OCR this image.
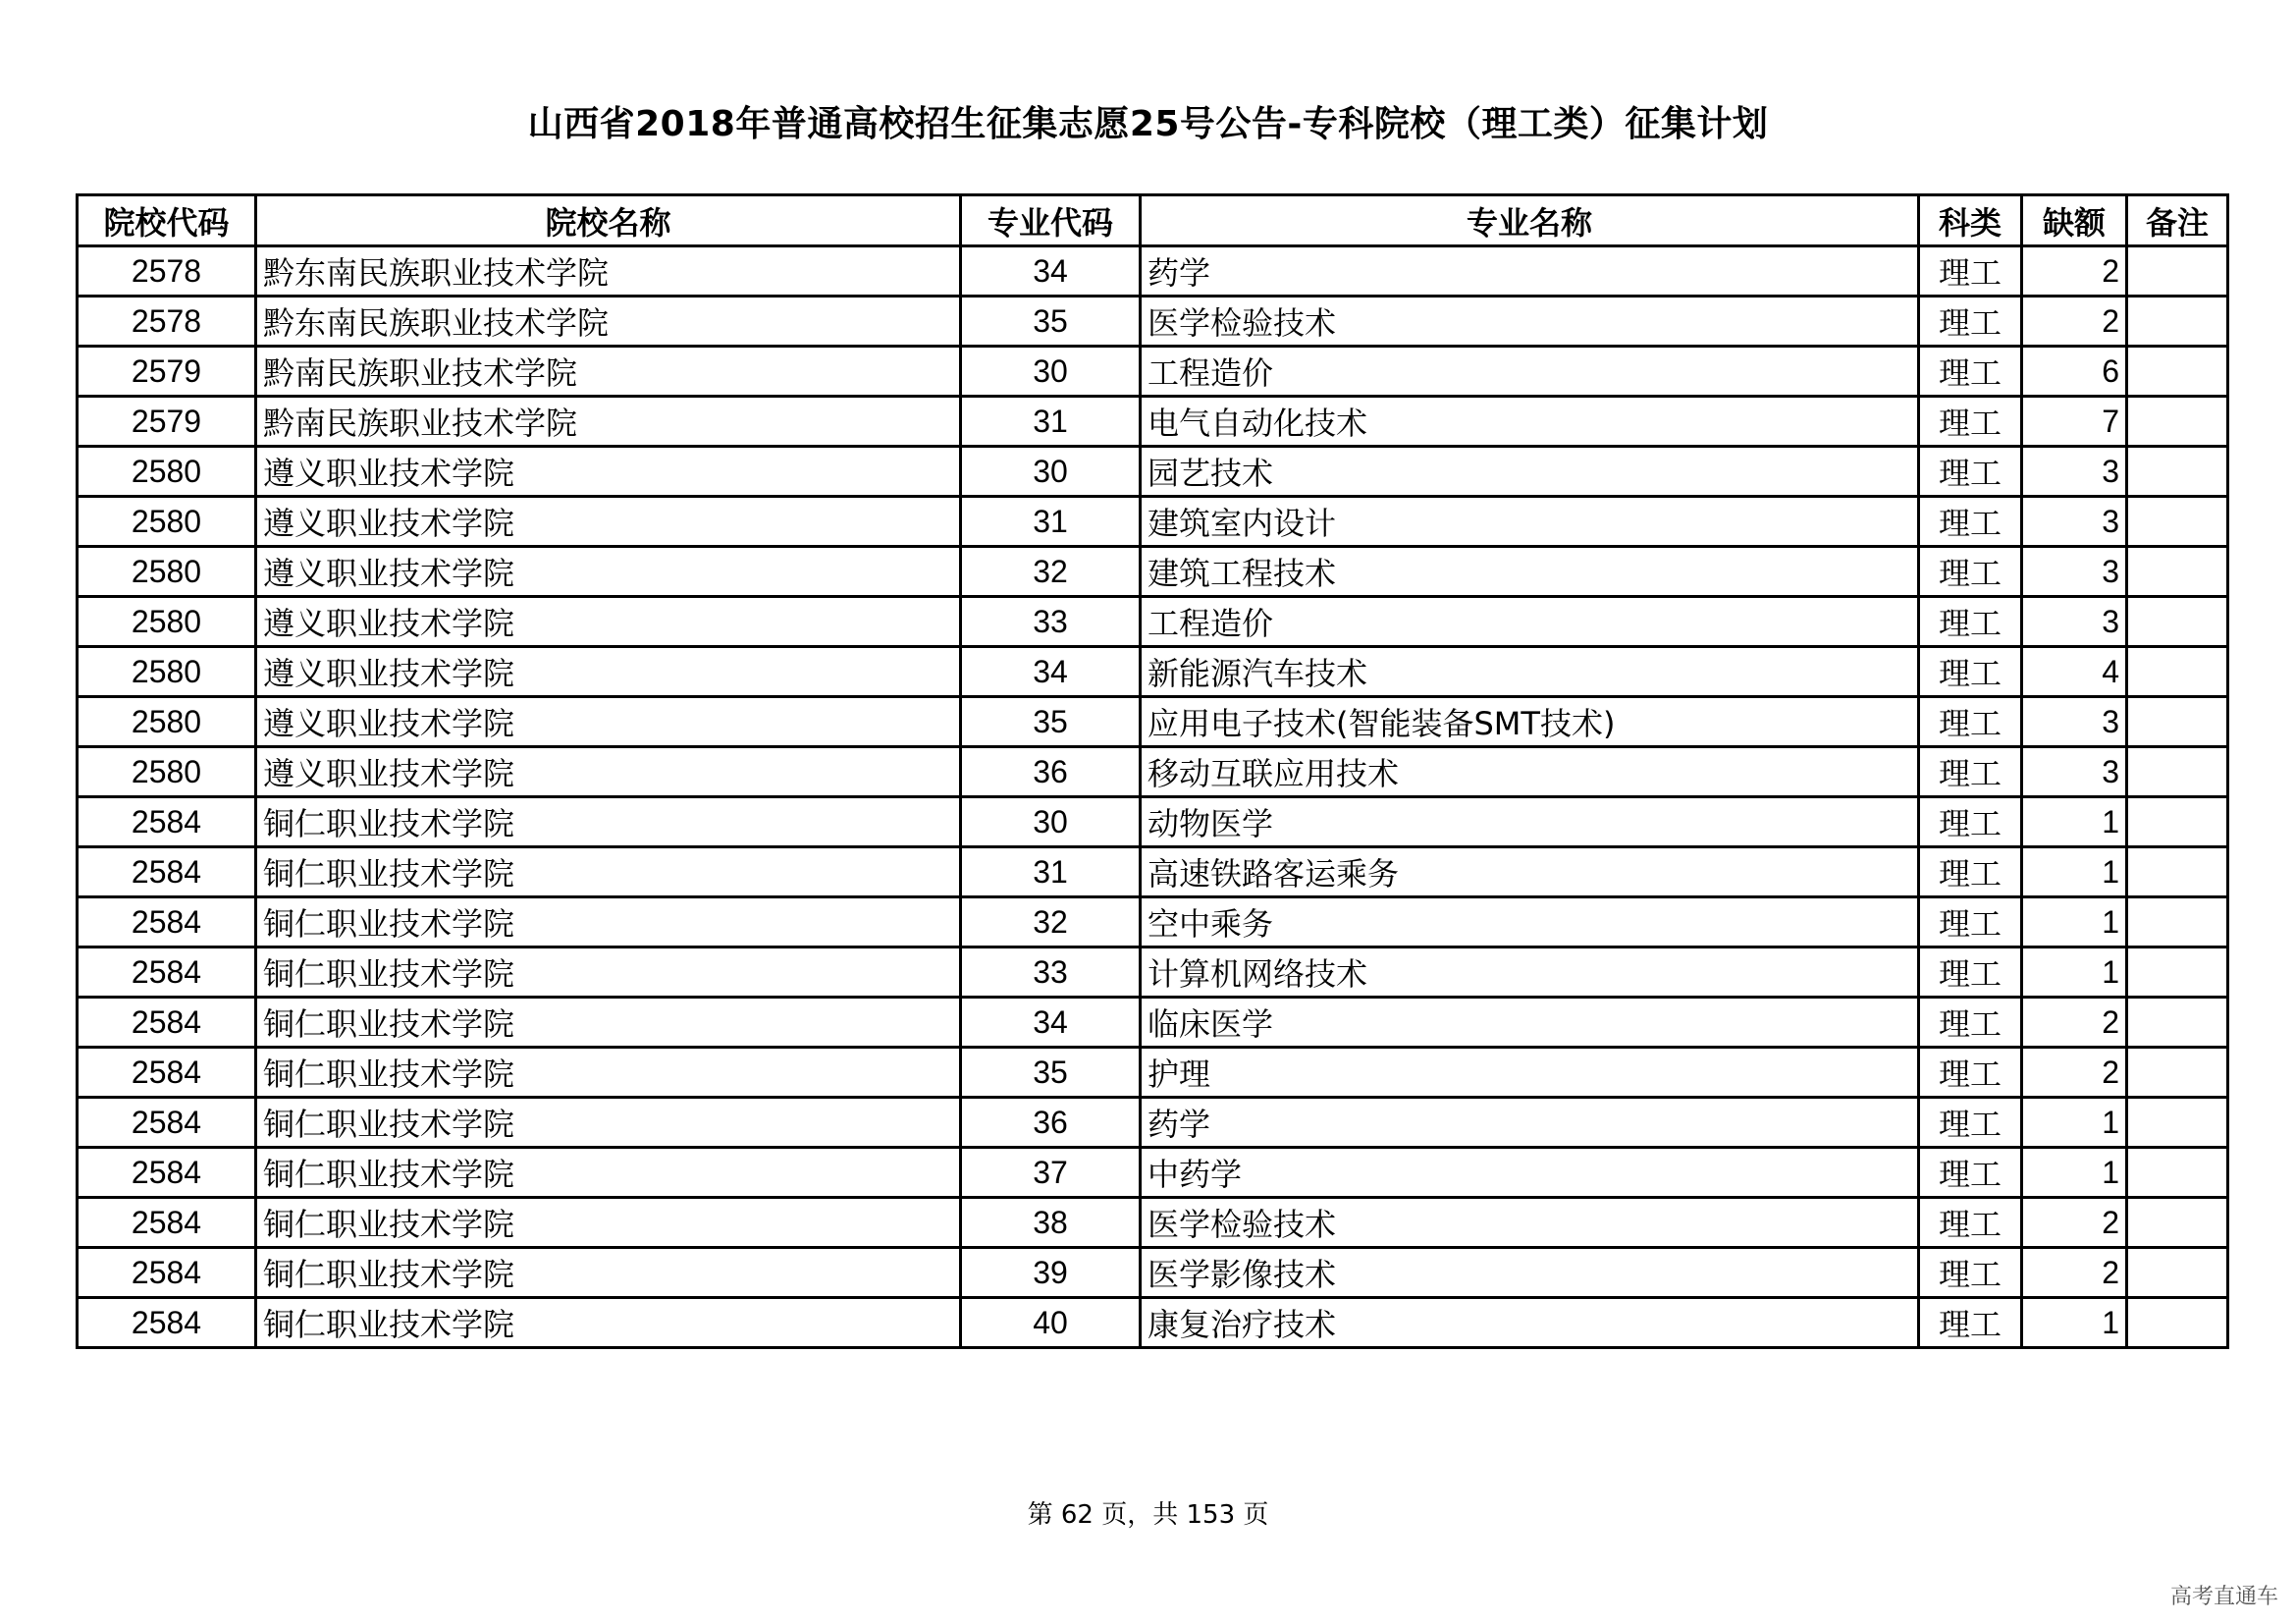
山西省2018年普通高校招生征集志愿25号公告-专科院校（理工类）征集计划
院校代码	院校名称	专业代码	专业名称	科类	缺额	备注
2578	黔东南民族职业技术学院	34	药学	理工	2	
2578	黔东南民族职业技术学院	35	医学检验技术	理工	2	
2579	黔南民族职业技术学院	30	工程造价	理工	6	
2579	黔南民族职业技术学院	31	电气自动化技术	理工	7	
2580	遵义职业技术学院	30	园艺技术	理工	3	
2580	遵义职业技术学院	31	建筑室内设计	理工	3	
2580	遵义职业技术学院	32	建筑工程技术	理工	3	
2580	遵义职业技术学院	33	工程造价	理工	3	
2580	遵义职业技术学院	34	新能源汽车技术	理工	4	
2580	遵义职业技术学院	35	应用电子技术(智能装备SMT技术)	理工	3	
2580	遵义职业技术学院	36	移动互联应用技术	理工	3	
2584	铜仁职业技术学院	30	动物医学	理工	1	
2584	铜仁职业技术学院	31	高速铁路客运乘务	理工	1	
2584	铜仁职业技术学院	32	空中乘务	理工	1	
2584	铜仁职业技术学院	33	计算机网络技术	理工	1	
2584	铜仁职业技术学院	34	临床医学	理工	2	
2584	铜仁职业技术学院	35	护理	理工	2	
2584	铜仁职业技术学院	36	药学	理工	1	
2584	铜仁职业技术学院	37	中药学	理工	1	
2584	铜仁职业技术学院	38	医学检验技术	理工	2	
2584	铜仁职业技术学院	39	医学影像技术	理工	2	
2584	铜仁职业技术学院	40	康复治疗技术	理工	1	
第 62 页，共 153 页
高考直通车
